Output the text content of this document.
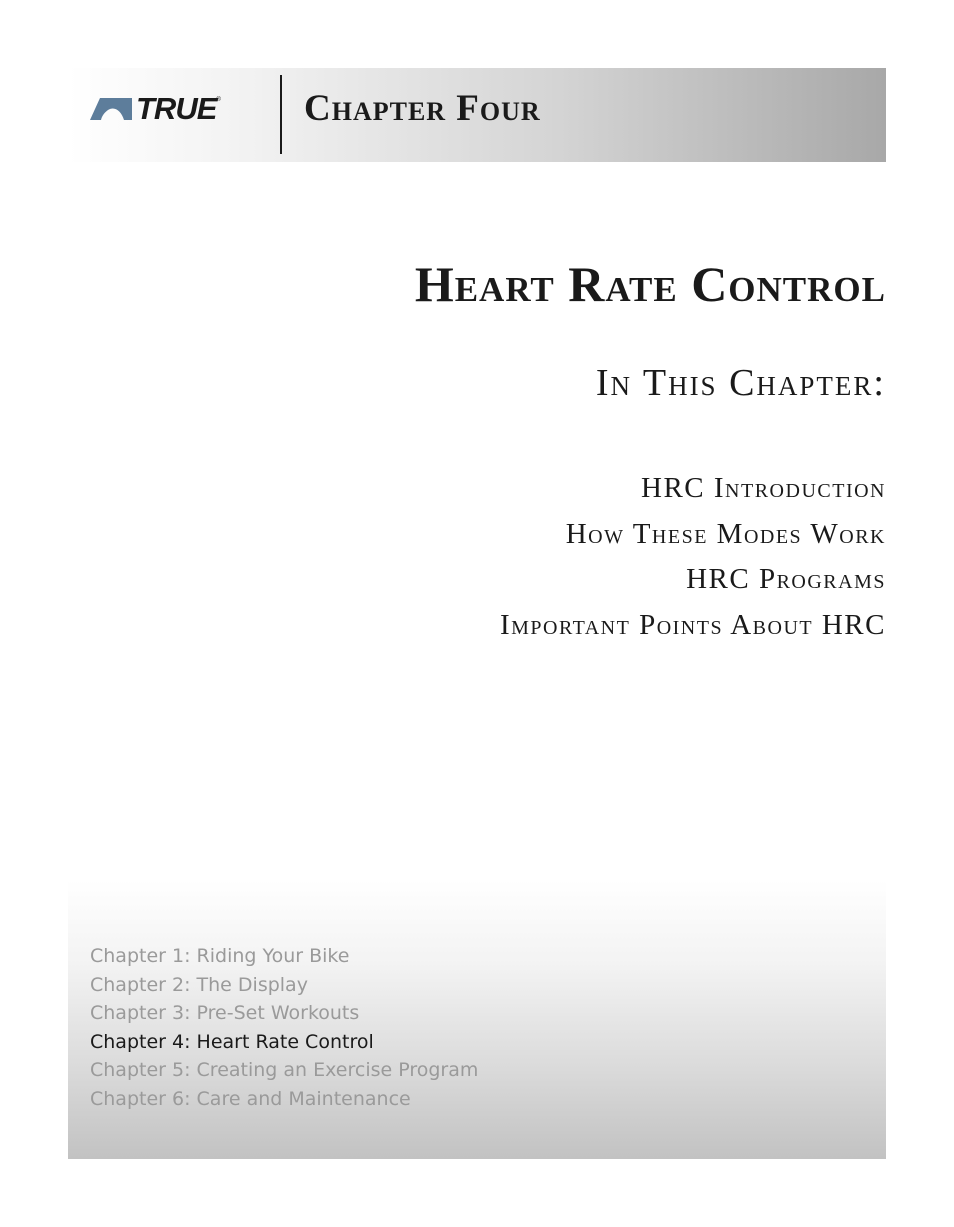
TRUE ® Chapter Four
Heart Rate Control
In This Chapter:
HRC Introduction
How These Modes Work
HRC Programs
Important Points About HRC
Chapter 1: Riding Your Bike
Chapter 2: The Display
Chapter 3: Pre-Set Workouts
Chapter 4: Heart Rate Control
Chapter 5: Creating an Exercise Program
Chapter 6: Care and Maintenance
